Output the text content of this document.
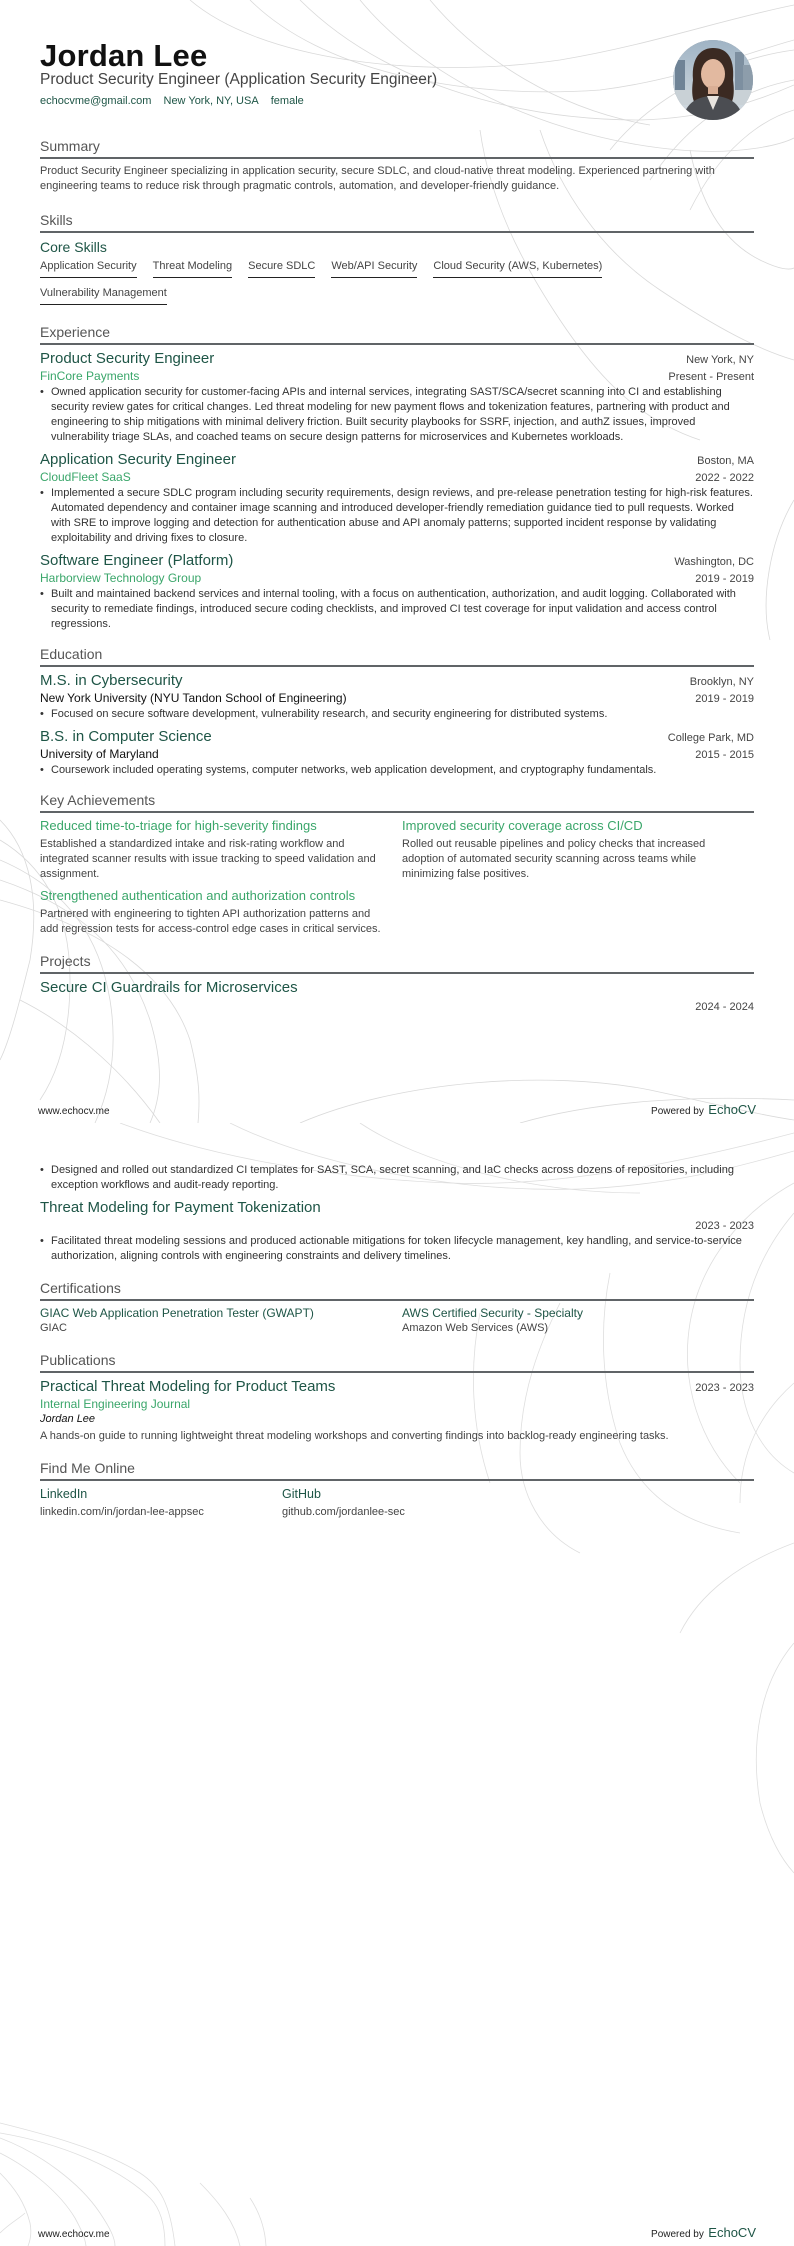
Jordan Lee
Product Security Engineer (Application Security Engineer)
echocvme@gmail.com New York, NY, USA female
Summary
Product Security Engineer specializing in application security, secure SDLC, and cloud-native threat modeling. Experienced partnering with engineering teams to reduce risk through pragmatic controls, automation, and developer-friendly guidance.
Skills
Core Skills
Application Security Threat Modeling Secure SDLC Web/API Security Cloud Security (AWS, Kubernetes)
Vulnerability Management
Experience
Product Security Engineer	New York, NY
FinCore Payments	Present - Present
• Owned application security for customer-facing APIs and internal services, integrating SAST/SCA/secret scanning into CI and establishing security review gates for critical changes. Led threat modeling for new payment flows and tokenization features, partnering with product and engineering to ship mitigations with minimal delivery friction. Built security playbooks for SSRF, injection, and authZ issues, improved vulnerability triage SLAs, and coached teams on secure design patterns for microservices and Kubernetes workloads.
Application Security Engineer	Boston, MA
CloudFleet SaaS	2022 - 2022
• Implemented a secure SDLC program including security requirements, design reviews, and pre-release penetration testing for high-risk features. Automated dependency and container image scanning and introduced developer-friendly remediation guidance tied to pull requests. Worked with SRE to improve logging and detection for authentication abuse and API anomaly patterns; supported incident response by validating exploitability and driving fixes to closure.
Software Engineer (Platform)	Washington, DC
Harborview Technology Group	2019 - 2019
• Built and maintained backend services and internal tooling, with a focus on authentication, authorization, and audit logging. Collaborated with security to remediate findings, introduced secure coding checklists, and improved CI test coverage for input validation and access control regressions.
Education
M.S. in Cybersecurity	Brooklyn, NY
New York University (NYU Tandon School of Engineering)	2019 - 2019
• Focused on secure software development, vulnerability research, and security engineering for distributed systems.
B.S. in Computer Science	College Park, MD
University of Maryland	2015 - 2015
• Coursework included operating systems, computer networks, web application development, and cryptography fundamentals.
Key Achievements
Reduced time-to-triage for high-severity findings
Established a standardized intake and risk-rating workflow and integrated scanner results with issue tracking to speed validation and assignment.
Improved security coverage across CI/CD
Rolled out reusable pipelines and policy checks that increased adoption of automated security scanning across teams while minimizing false positives.
Strengthened authentication and authorization controls
Partnered with engineering to tighten API authorization patterns and add regression tests for access-control edge cases in critical services.
Projects
Secure CI Guardrails for Microservices
2024 - 2024
www.echocv.me	Powered by EchoCV
• Designed and rolled out standardized CI templates for SAST, SCA, secret scanning, and IaC checks across dozens of repositories, including exception workflows and audit-ready reporting.
Threat Modeling for Payment Tokenization
2023 - 2023
• Facilitated threat modeling sessions and produced actionable mitigations for token lifecycle management, key handling, and service-to-service authorization, aligning controls with engineering constraints and delivery timelines.
Certifications
GIAC Web Application Penetration Tester (GWAPT)
GIAC
AWS Certified Security - Specialty
Amazon Web Services (AWS)
Publications
Practical Threat Modeling for Product Teams	2023 - 2023
Internal Engineering Journal
Jordan Lee
A hands-on guide to running lightweight threat modeling workshops and converting findings into backlog-ready engineering tasks.
Find Me Online
LinkedIn
linkedin.com/in/jordan-lee-appsec
GitHub
github.com/jordanlee-sec
www.echocv.me	Powered by EchoCV
